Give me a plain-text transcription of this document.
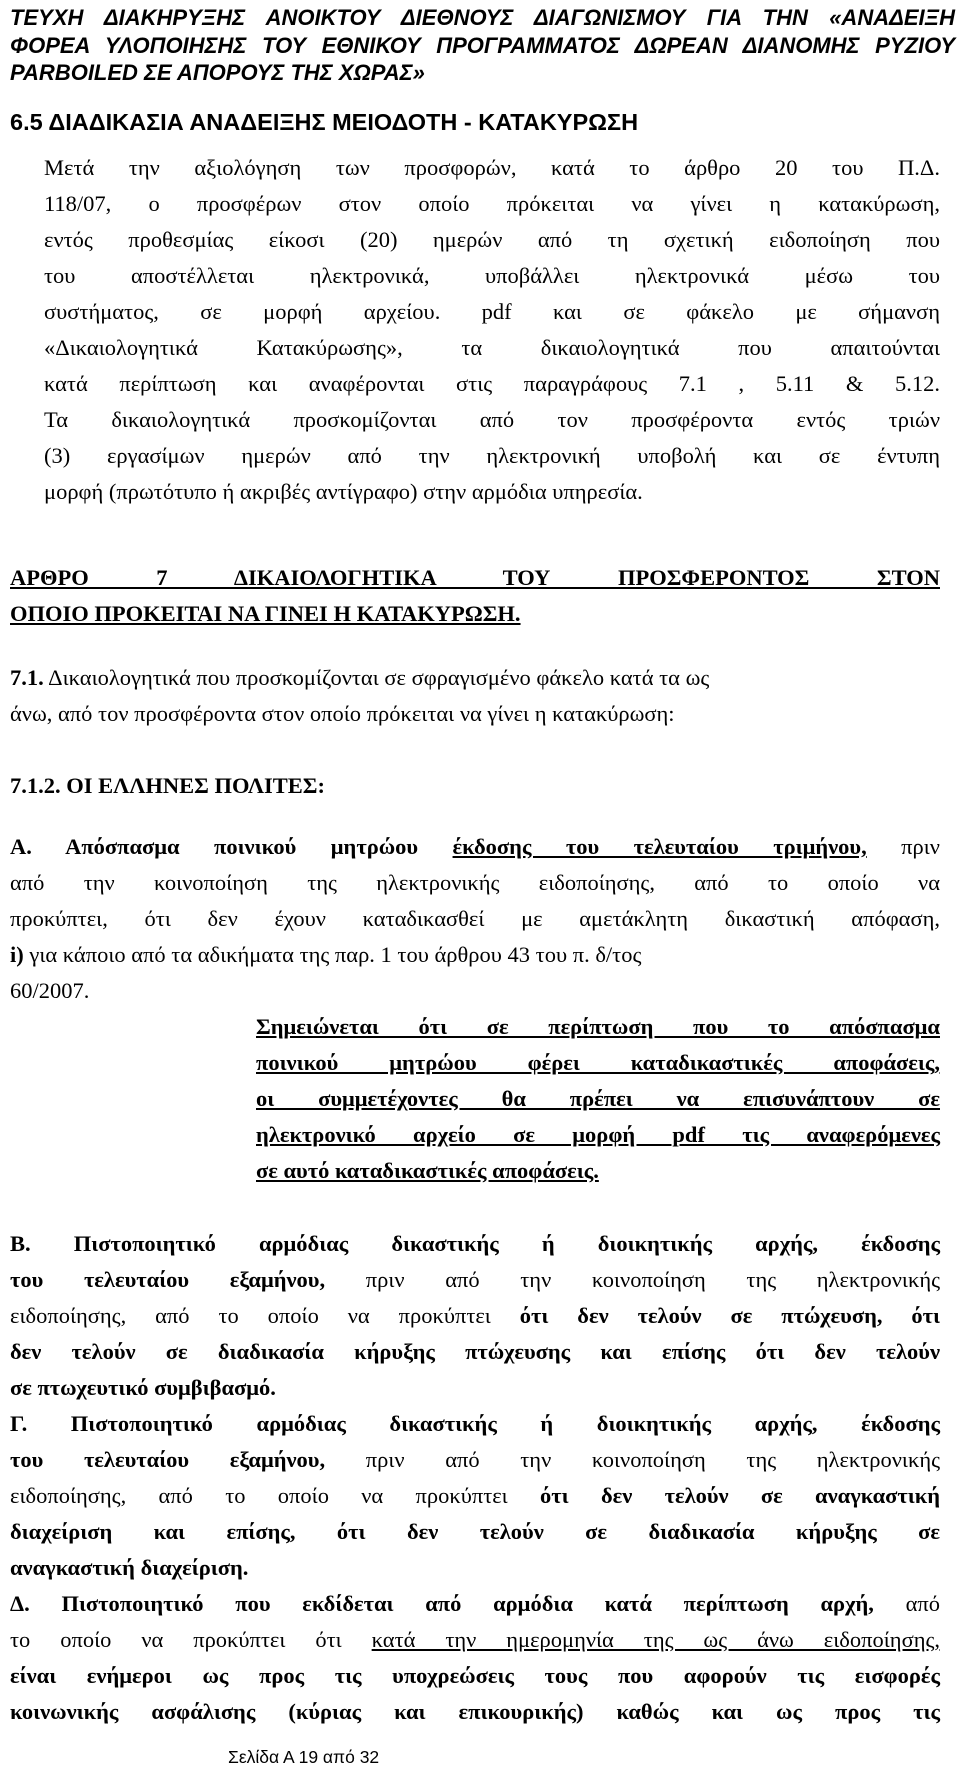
ΤΕΥΧΗ ΔΙΑΚΗΡΥΞΗΣ ΑΝΟΙΚΤΟΥ ΔΙΕΘΝΟΥΣ ΔΙΑΓΩΝΙΣΜΟΥ ΓΙΑ ΤΗΝ «ΑΝΑΔΕΙΞΗ
ΦΟΡΕΑ ΥΛΟΠΟΙΗΣΗΣ ΤΟΥ ΕΘΝΙΚΟΥ ΠΡΟΓΡΑΜΜΑΤΟΣ ΔΩΡΕΑΝ ΔΙΑΝΟΜΗΣ ΡΥΖΙΟΥ
PARBOILED ΣΕ ΑΠΟΡΟΥΣ ΤΗΣ ΧΩΡΑΣ»
6.5 ΔΙΑΔΙΚΑΣΙΑ ΑΝΑΔΕΙΞΗΣ ΜΕΙΟΔΟΤΗ - ΚΑΤΑΚΥΡΩΣΗ
Μετά την αξιολόγηση των προσφορών, κατά το άρθρο 20 του Π.Δ.
118/07, ο προσφέρων στον οποίο πρόκειται να γίνει η κατακύρωση,
εντός προθεσμίας είκοσι (20) ημερών από τη σχετική ειδοποίηση που
του αποστέλλεται ηλεκτρονικά, υποβάλλει ηλεκτρονικά μέσω του
συστήματος, σε μορφή αρχείου. pdf και σε φάκελο με σήμανση
«Δικαιολογητικά Κατακύρωσης», τα δικαιολογητικά που απαιτούνται
κατά περίπτωση και αναφέρονται στις παραγράφους 7.1 , 5.11 & 5.12.
Τα δικαιολογητικά προσκομίζονται από τον προσφέροντα εντός τριών
(3) εργασίμων ημερών από την ηλεκτρονική υποβολή και σε έντυπη
μορφή (πρωτότυπο ή ακριβές αντίγραφο) στην αρμόδια υπηρεσία.
ΑΡΘΡΟ 7 ΔΙΚΑΙΟΛΟΓΗΤΙΚΑ ΤΟΥ ΠΡΟΣΦΕΡΟΝΤΟΣ ΣΤΟΝ
ΟΠΟΙΟ ΠΡΟΚΕΙΤΑΙ ΝΑ ΓΙΝΕΙ Η ΚΑΤΑΚΥΡΩΣΗ.
7.1. Δικαιολογητικά που προσκομίζονται σε σφραγισμένο φάκελο κατά τα ως
άνω, από τον προσφέροντα στον οποίο πρόκειται να γίνει η κατακύρωση:
7.1.2. ΟΙ ΕΛΛΗΝΕΣ ΠΟΛΙΤΕΣ:
Α. Απόσπασμα ποινικού μητρώου έκδοσης του τελευταίου τριμήνου, πριν
από την κοινοποίηση της ηλεκτρονικής ειδοποίησης, από το οποίο να
προκύπτει, ότι δεν έχουν καταδικασθεί με αμετάκλητη δικαστική απόφαση,
i) για κάποιο από τα αδικήματα της παρ. 1 του άρθρου 43 του π. δ/τος
60/2007.
Σημειώνεται ότι σε περίπτωση που το απόσπασμα
ποινικού μητρώου φέρει καταδικαστικές αποφάσεις,
οι συμμετέχοντες θα πρέπει να επισυνάπτουν σε
ηλεκτρονικό αρχείο σε μορφή pdf τις αναφερόμενες
σε αυτό καταδικαστικές αποφάσεις.
Β. Πιστοποιητικό αρμόδιας δικαστικής ή διοικητικής αρχής, έκδοσης
του τελευταίου εξαμήνου, πριν από την κοινοποίηση της ηλεκτρονικής
ειδοποίησης, από το οποίο να προκύπτει ότι δεν τελούν σε πτώχευση, ότι
δεν τελούν σε διαδικασία κήρυξης πτώχευσης και επίσης ότι δεν τελούν
σε πτωχευτικό συμβιβασμό.
Γ. Πιστοποιητικό αρμόδιας δικαστικής ή διοικητικής αρχής, έκδοσης
του τελευταίου εξαμήνου, πριν από την κοινοποίηση της ηλεκτρονικής
ειδοποίησης, από το οποίο να προκύπτει ότι δεν τελούν σε αναγκαστική
διαχείριση και επίσης, ότι δεν τελούν σε διαδικασία κήρυξης σε
αναγκαστική διαχείριση.
Δ. Πιστοποιητικό που εκδίδεται από αρμόδια κατά περίπτωση αρχή, από
το οποίο να προκύπτει ότι κατά την ημερομηνία της ως άνω ειδοποίησης,
είναι ενήμεροι ως προς τις υποχρεώσεις τους που αφορούν τις εισφορές
κοινωνικής ασφάλισης (κύριας και επικουρικής) καθώς και ως προς τις
Σελίδα Α 19 από 32
